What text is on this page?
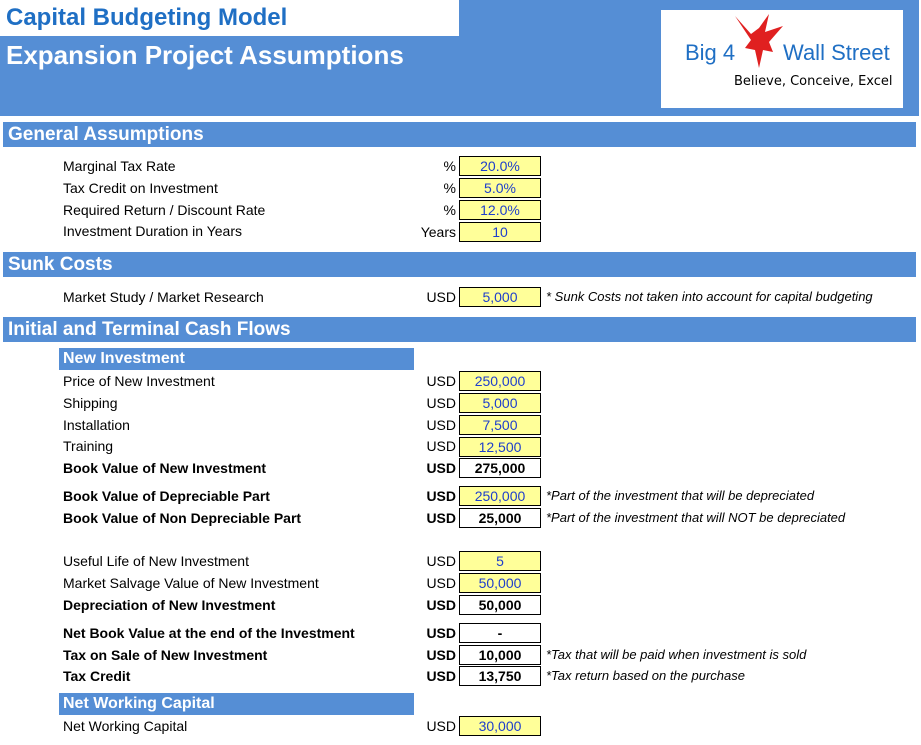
Capital Budgeting Model
Expansion Project Assumptions	Big 4 Wall Street
Believe, Conceive, Excel
General Assumptions
Marginal Tax Rate	%	20.0%
Tax Credit on Investment	%	5.0%
Required Return / Discount Rate	%	12.0%
Investment Duration in Years	Years	10
Sunk Costs
Market Study / Market Research	USD	5,000	* Sunk Costs not taken into account for capital budgeting
Initial and Terminal Cash Flows
New Investment
Price of New Investment	USD	250,000
Shipping	USD	5,000
Installation	USD	7,500
Training	USD	12,500
Book Value of New Investment	USD	275,000
Book Value of Depreciable Part	USD	250,000	*Part of the investment that will be depreciated
Book Value of Non Depreciable Part	USD	25,000	*Part of the investment that will NOT be depreciated
Useful Life of New Investment	USD	5
Market Salvage Value of New Investment	USD	50,000
Depreciation of New Investment	USD	50,000
Net Book Value at the end of the Investment	USD	-
Tax on Sale of New Investment	USD	10,000	*Tax that will be paid when investment is sold
Tax Credit	USD	13,750	*Tax return based on the purchase
Net Working Capital
Net Working Capital	USD	30,000
